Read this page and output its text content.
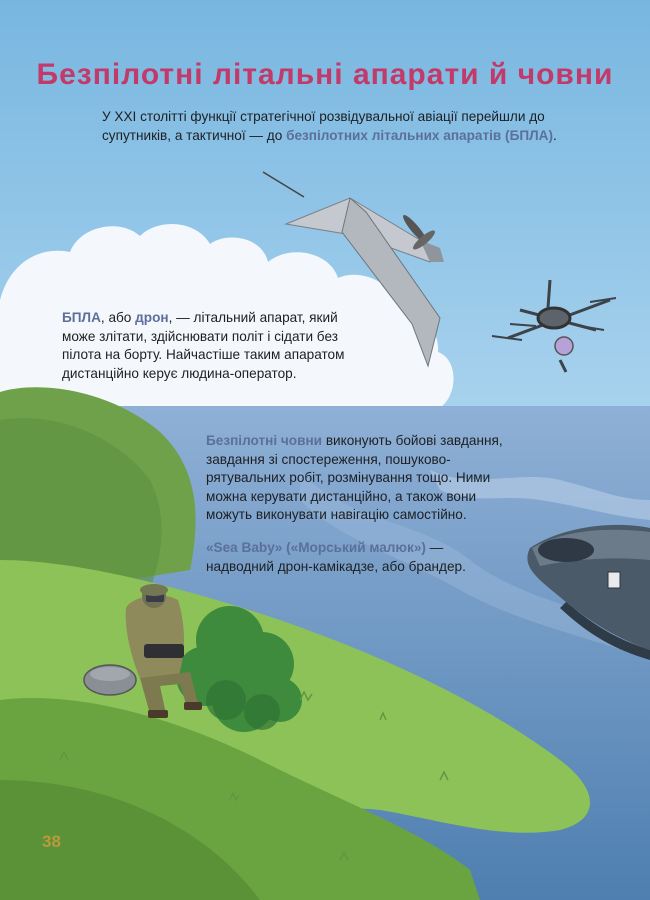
Безпілотні літальні апарати й човни

У XXI столітті функції стратегічної розвідувальної авіації перейшли до супутників, а тактичної — до безпілотних літальних апаратів (БПЛА).

БПЛА, або дрон, — літальний апарат, який може злітати, здійснювати політ і сідати без пілота на борту. Найчастіше таким апаратом дистанційно керує людина-оператор.

Безпілотні човни виконують бойові завдання, завдання зі спостереження, пошуково-рятувальних робіт, розмінування тощо. Ними можна керувати дистанційно, а також вони можуть виконувати навігацію самостійно.

«Sea Baby» («Морський малюк») — надводний дрон-камікадзе, або брандер.

38
